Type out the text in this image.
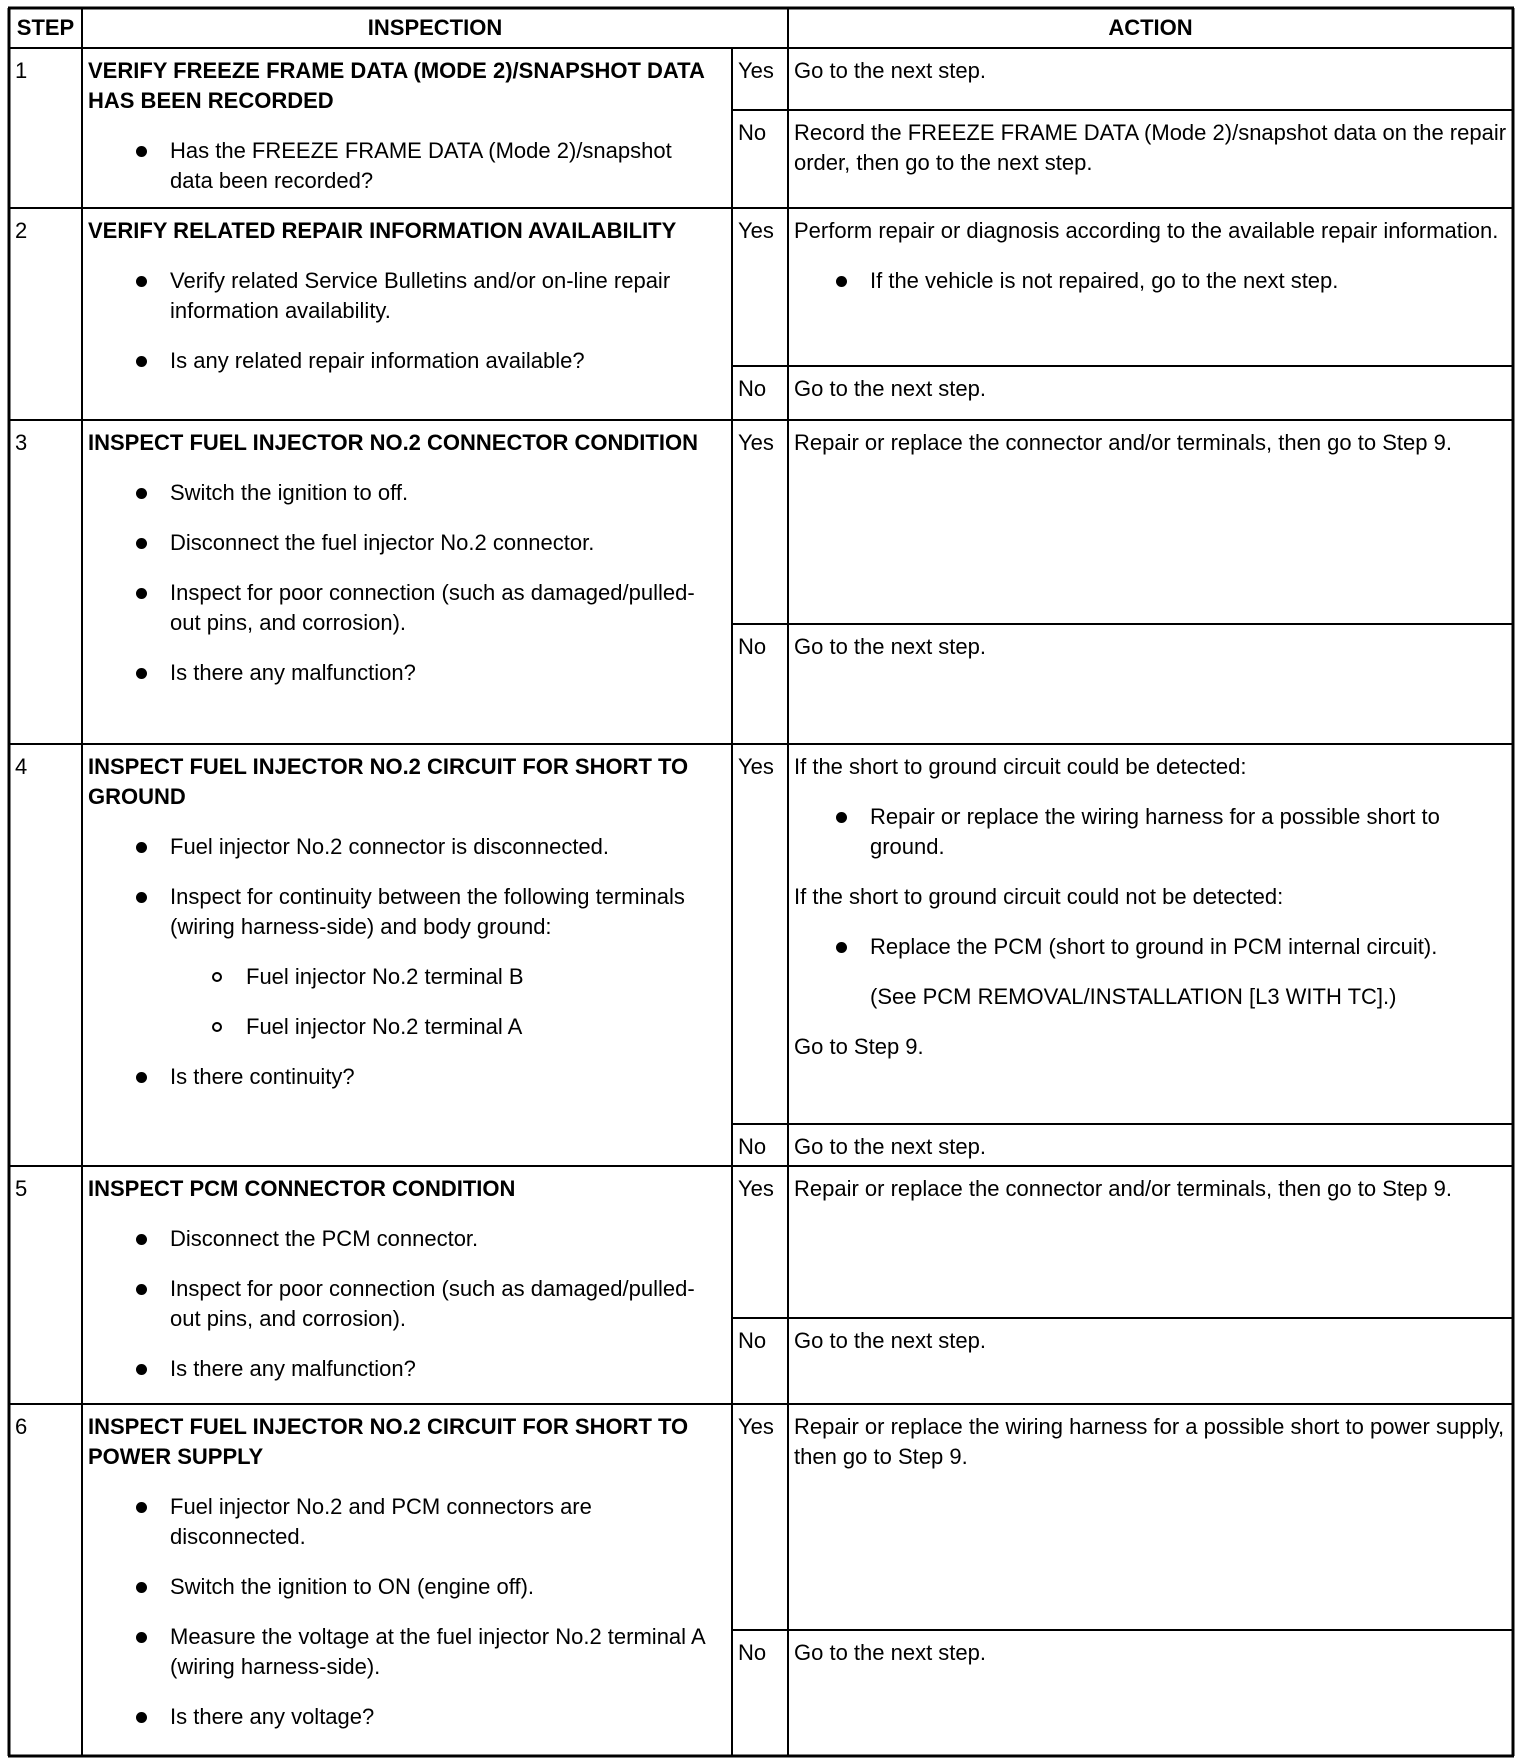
STEP	INSPECTION	ACTION
1	VERIFY FREEZE FRAME DATA (MODE 2)/SNAPSHOT DATA HAS BEEN RECORDED
Has the FREEZE FRAME DATA (Mode 2)/snapshot data been recorded?
Yes Go to the next step.
No	Record the FREEZE FRAME DATA (Mode 2)/snapshot data on the repair order, then go to the next step.
2	VERIFY RELATED REPAIR INFORMATION AVAILABILITY
Verify related Service Bulletins and/or on-line repair information availability.
Is any related repair information available?
Yes Perform repair or diagnosis according to the available repair information.
If the vehicle is not repaired, go to the next step.
No	Go to the next step.
3	INSPECT FUEL INJECTOR NO.2 CONNECTOR CONDITION
Switch the ignition to off.
Disconnect the fuel injector No.2 connector.
Inspect for poor connection (such as damaged/pulled-out pins, and corrosion).
Is there any malfunction?
Yes Repair or replace the connector and/or terminals, then go to Step 9.
No	Go to the next step.
4	INSPECT FUEL INJECTOR NO.2 CIRCUIT FOR SHORT TO GROUND
Fuel injector No.2 connector is disconnected.
Inspect for continuity between the following terminals (wiring harness-side) and body ground:
Fuel injector No.2 terminal B
Fuel injector No.2 terminal A
Is there continuity?
Yes If the short to ground circuit could be detected:
Repair or replace the wiring harness for a possible short to ground.
If the short to ground circuit could not be detected:
Replace the PCM (short to ground in PCM internal circuit).
(See PCM REMOVAL/INSTALLATION [L3 WITH TC].)
Go to Step 9.
No	Go to the next step.
5	INSPECT PCM CONNECTOR CONDITION
Disconnect the PCM connector.
Inspect for poor connection (such as damaged/pulled-out pins, and corrosion).
Is there any malfunction?
Yes Repair or replace the connector and/or terminals, then go to Step 9.
No	Go to the next step.
6	INSPECT FUEL INJECTOR NO.2 CIRCUIT FOR SHORT TO POWER SUPPLY
Fuel injector No.2 and PCM connectors are disconnected.
Switch the ignition to ON (engine off).
Measure the voltage at the fuel injector No.2 terminal A (wiring harness-side).
Is there any voltage?
Yes Repair or replace the wiring harness for a possible short to power supply, then go to Step 9.
No	Go to the next step.
